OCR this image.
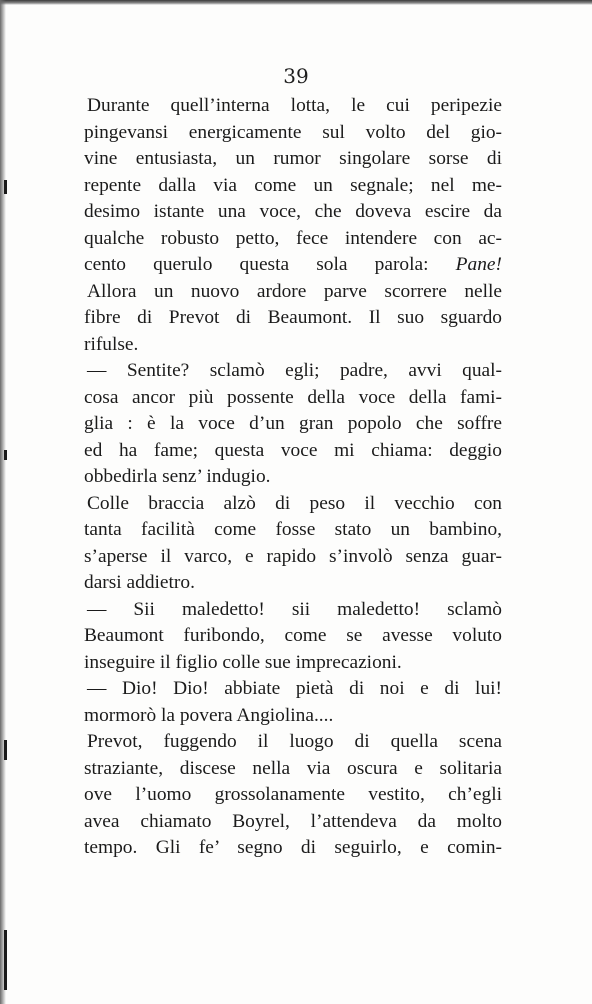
39
Durante quell’interna lotta, le cui peripezie
pingevansi energicamente sul volto del gio-
vine entusiasta, un rumor singolare sorse di
repente dalla via come un segnale; nel me-
desimo istante una voce, che doveva escire da
qualche robusto petto, fece intendere con ac-
cento querulo questa sola parola: Pane!
Allora un nuovo ardore parve scorrere nelle
fibre di Prevot di Beaumont. Il suo sguardo
rifulse.
— Sentite? sclamò egli; padre, avvi qual-
cosa ancor più possente della voce della fami-
glia : è la voce d’un gran popolo che soffre
ed ha fame; questa voce mi chiama: deggio
obbedirla senz’ indugio.
Colle braccia alzò di peso il vecchio con
tanta facilità come fosse stato un bambino,
s’aperse il varco, e rapido s’involò senza guar-
darsi addietro.
— Sii maledetto! sii maledetto! sclamò
Beaumont furibondo, come se avesse voluto
inseguire il figlio colle sue imprecazioni.
— Dio! Dio! abbiate pietà di noi e di lui!
mormorò la povera Angiolina....
Prevot, fuggendo il luogo di quella scena
straziante, discese nella via oscura e solitaria
ove l’uomo grossolanamente vestito, ch’egli
avea chiamato Boyrel, l’attendeva da molto
tempo. Gli fe’ segno di seguirlo, e comin-
